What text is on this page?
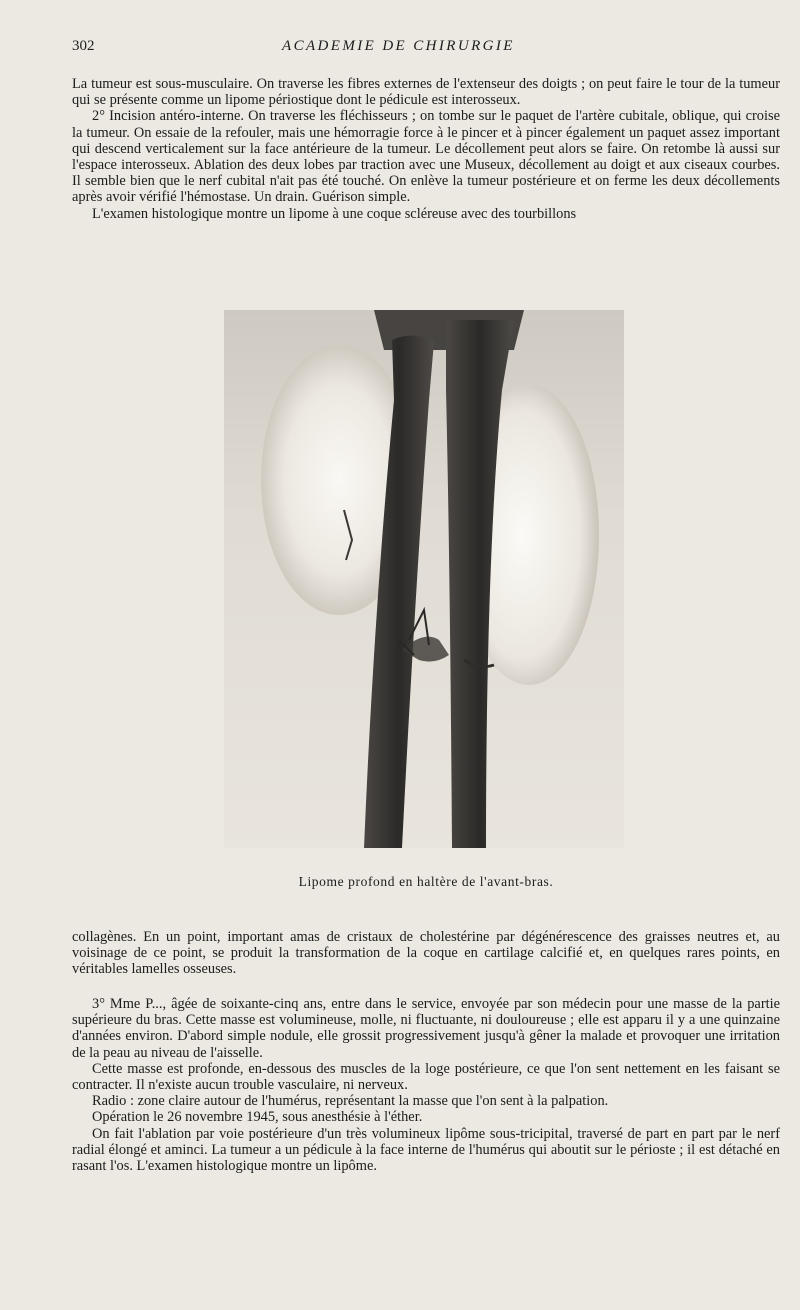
302	ACADEMIE DE CHIRURGIE

La tumeur est sous-musculaire. On traverse les fibres externes de l'extenseur des doigts ; on peut faire le tour de la tumeur qui se présente comme un lipome périostique dont le pédicule est interosseux.

2° Incision antéro-interne. On traverse les fléchisseurs ; on tombe sur le paquet de l'artère cubitale, oblique, qui croise la tumeur. On essaie de la refouler, mais une hémorragie force à le pincer et à pincer également un paquet assez important qui descend verticalement sur la face antérieure de la tumeur. Le décollement peut alors se faire. On retombe là aussi sur l'espace interosseux. Ablation des deux lobes par traction avec une Museux, décollement au doigt et aux ciseaux courbes. Il semble bien que le nerf cubital n'ait pas été touché. On enlève la tumeur postérieure et on ferme les deux décollements après avoir vérifié l'hémostase. Un drain. Guérison simple.

L'examen histologique montre un lipome à une coque scléreuse avec des tourbillons

Lipome profond en haltère de l'avant-bras.

collagènes. En un point, important amas de cristaux de cholestérine par dégénérescence des graisses neutres et, au voisinage de ce point, se produit la transformation de la coque en cartilage calcifié et, en quelques rares points, en véritables lamelles osseuses.

3° Mme P..., âgée de soixante-cinq ans, entre dans le service, envoyée par son médecin pour une masse de la partie supérieure du bras. Cette masse est volumineuse, molle, ni fluctuante, ni douloureuse ; elle est apparu il y a une quinzaine d'années environ. D'abord simple nodule, elle grossit progressivement jusqu'à gêner la malade et provoquer une irritation de la peau au niveau de l'aisselle.

Cette masse est profonde, en-dessous des muscles de la loge postérieure, ce que l'on sent nettement en les faisant se contracter. Il n'existe aucun trouble vasculaire, ni nerveux.

Radio : zone claire autour de l'humérus, représentant la masse que l'on sent à la palpation.

Opération le 26 novembre 1945, sous anesthésie à l'éther.

On fait l'ablation par voie postérieure d'un très volumineux lipôme sous-tricipital, traversé de part en part par le nerf radial élongé et aminci. La tumeur a un pédicule à la face interne de l'humérus qui aboutit sur le périoste ; il est détaché en rasant l'os. L'examen histologique montre un lipôme.
